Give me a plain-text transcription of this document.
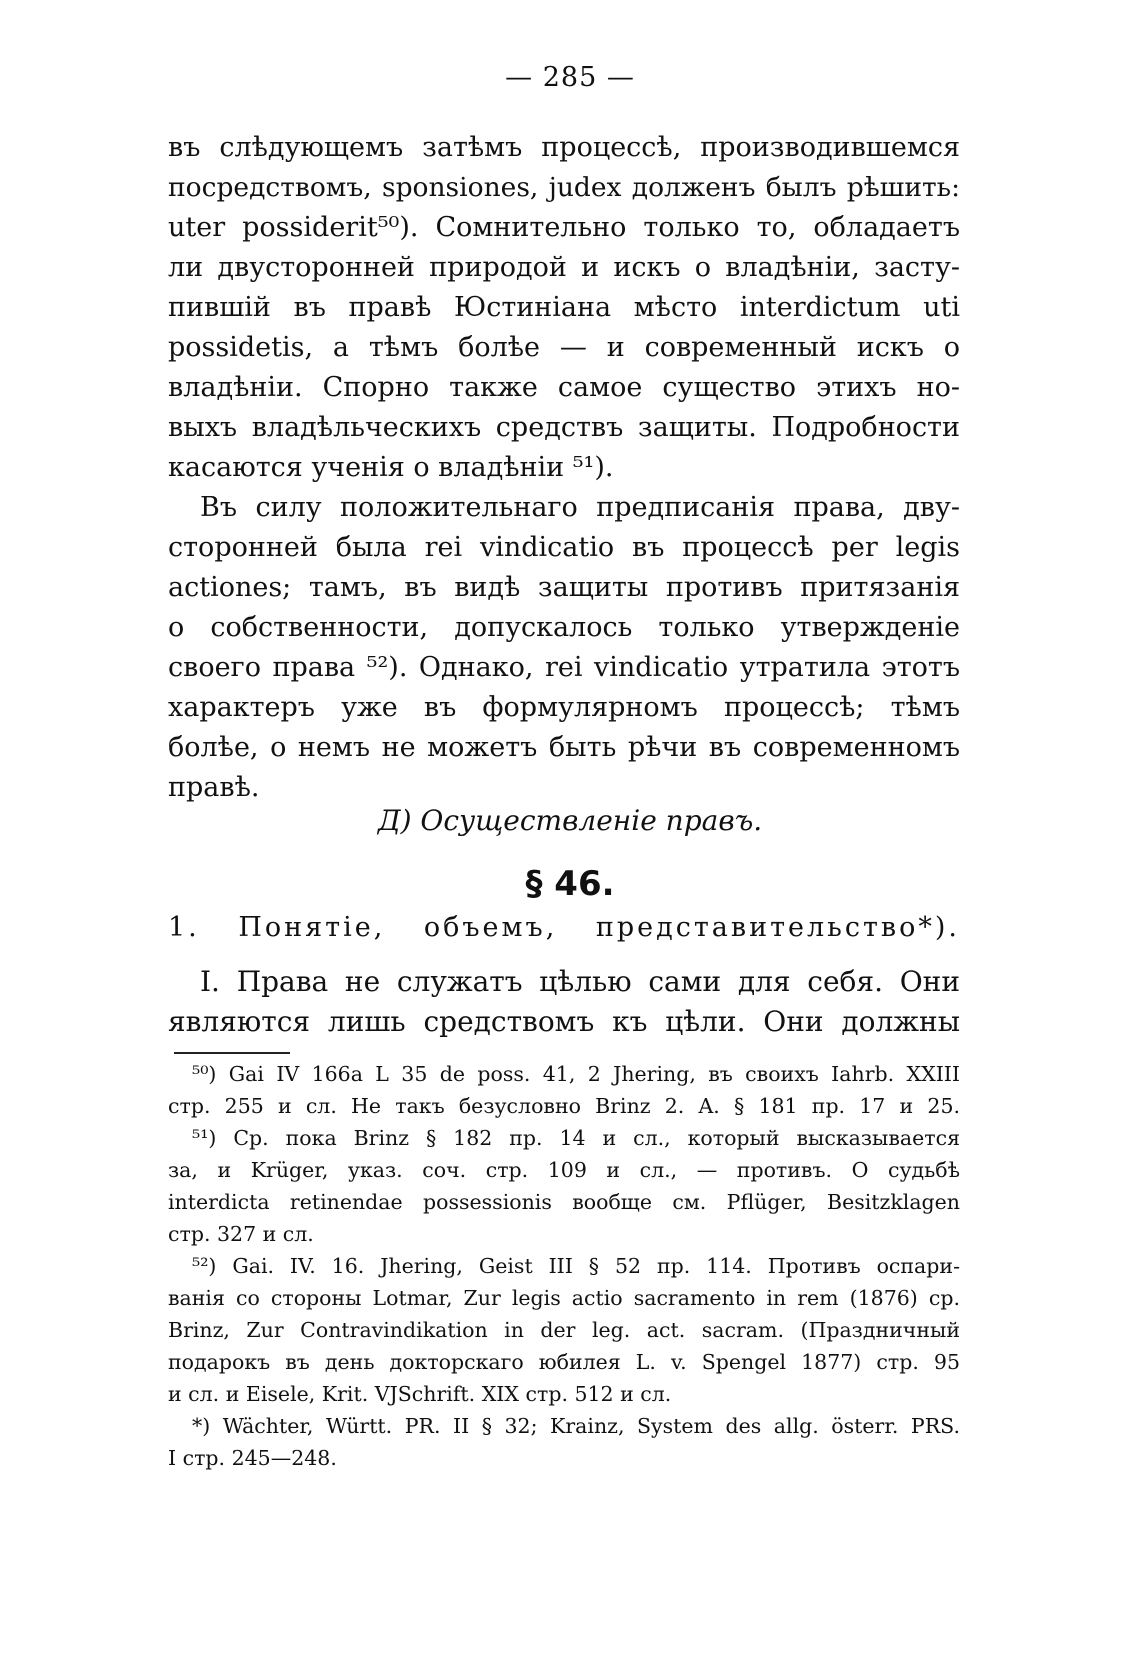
— 285 —
въ слѣдующемъ затѣмъ процессѣ, производившемся
посредствомъ, sponsiones, judex долженъ былъ рѣшить:
uter possiderit⁵⁰). Сомнительно только то, обладаетъ
ли двусторонней природой и искъ о владѣніи, засту-
пившій въ правѣ Юстиніана мѣсто interdictum uti
possidetis, а тѣмъ болѣе — и современный искъ о
владѣніи. Спорно также самое существо этихъ но-
выхъ владѣльческихъ средствъ защиты. Подробности
касаются ученія о владѣніи ⁵¹).
Въ силу положительнаго предписанія права, дву-
сторонней была rei vindicatio въ процессѣ per legis
actiones; тамъ, въ видѣ защиты противъ притязанія
о собственности, допускалось только утвержденіе
своего права ⁵²). Однако, rei vindicatio утратила этотъ
характеръ уже въ формулярномъ процессѣ; тѣмъ
болѣе, о немъ не можетъ быть рѣчи въ современномъ
правѣ.
Д) Осуществленіе правъ.
§ 46.
1. Понятіе, объемъ, представительство*).
I. Права не служатъ цѣлью сами для себя. Они
являются лишь средствомъ къ цѣли. Они должны
⁵⁰) Gai IV 166a L 35 de poss. 41, 2 Jhering, въ своихъ Iahrb. XXIII
стр. 255 и сл. Не такъ безусловно Brinz 2. A. § 181 пр. 17 и 25.
⁵¹) Ср. пока Brinz § 182 пр. 14 и сл., который высказывается
за, и Krüger, указ. соч. стр. 109 и сл., — противъ. О судьбѣ
interdicta retinendae possessionis вообще см. Pflüger, Besitzklagen
стр. 327 и сл.
⁵²) Gai. IV. 16. Jhering, Geist III § 52 пр. 114. Противъ оспари-
ванія со стороны Lotmar, Zur legis actio sacramento in rem (1876) ср.
Brinz, Zur Contravindikation in der leg. act. sacram. (Праздничный
подарокъ въ день докторскаго юбилея L. v. Spengel 1877) стр. 95
и сл. и Eisele, Krit. VJSchrift. XIX стр. 512 и сл.
*) Wächter, Württ. PR. II § 32; Krainz, System des allg. österr. PRS.
I стр. 245—248.
